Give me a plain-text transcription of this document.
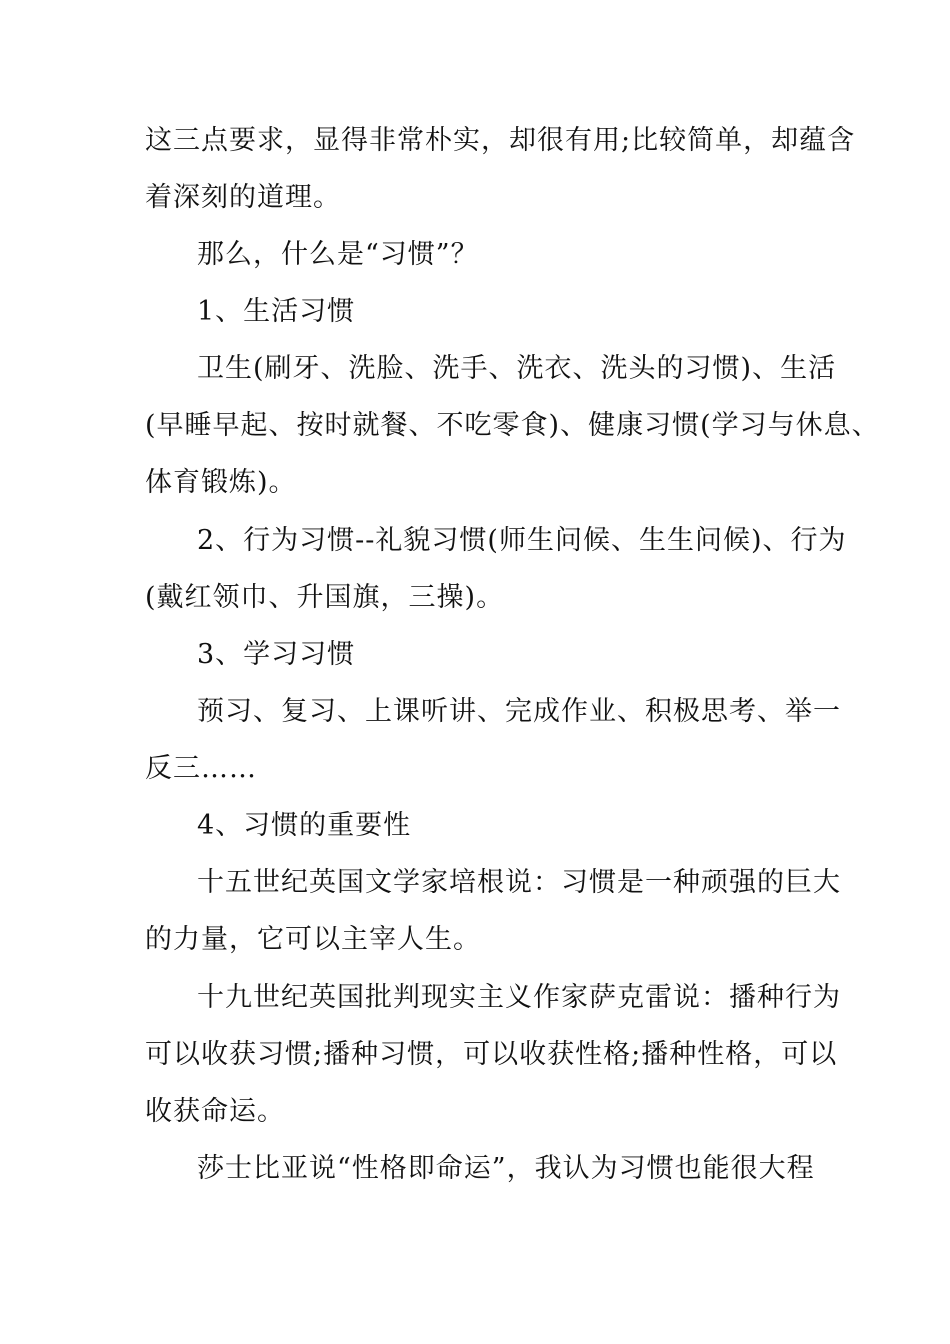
这三点要求，显得非常朴实，却很有用;比较简单，却蕴含
着深刻的道理。
那么，什么是“习惯”？
1、生活习惯
卫生(刷牙、洗脸、洗手、洗衣、洗头的习惯)、生活
(早睡早起、按时就餐、不吃零食)、健康习惯(学习与休息、
体育锻炼)。
2、行为习惯--礼貌习惯(师生问候、生生问候)、行为
(戴红领巾、升国旗，三操)。
3、学习习惯
预习、复习、上课听讲、完成作业、积极思考、举一
反三……
4、习惯的重要性
十五世纪英国文学家培根说：习惯是一种顽强的巨大
的力量，它可以主宰人生。
十九世纪英国批判现实主义作家萨克雷说：播种行为
可以收获习惯;播种习惯，可以收获性格;播种性格，可以
收获命运。
莎士比亚说“性格即命运”，我认为习惯也能很大程
